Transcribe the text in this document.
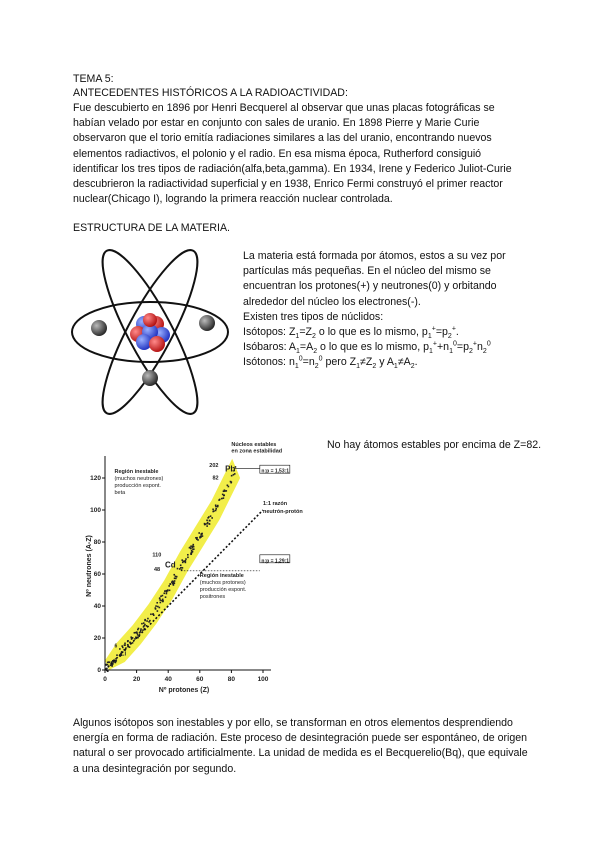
TEMA 5:
ANTECEDENTES HISTÓRICOS A LA RADIOACTIVIDAD:
Fue descubierto en 1896 por Henri Becquerel al observar que unas placas fotográficas se habían velado por estar en conjunto con sales de uranio. En 1898 Pierre y Marie Curie observaron que el torio emitía radiaciones similares a las del uranio, encontrando nuevos elementos radiactivos, el polonio y el radio. En esa misma época, Rutherford consiguió identificar los tres tipos de radiación(alfa,beta,gamma). En 1934, Irene y Federico Juliot-Curie descubrieron la radiactividad superficial y en 1938, Enrico Fermi construyó el primer reactor nuclear(Chicago I), logrando la primera reacción nuclear controlada.
ESTRUCTURA DE LA MATERIA.
La materia está formada por átomos, estos a su vez por partículas más pequeñas. En el núcleo del mismo se encuentran los protones(+) y neutrones(0) y orbitando alrededor del núcleo los electrones(-).
Existen tres tipos de núclidos:
Isótopos: $Z_1=Z_2$ o lo que es lo mismo, $p_1^+=p_2^+$.
Isóbaros: $A_1=A_2$ o lo que es lo mismo, $p_1^++n_1^0=p_2^+n_2^0$
Isótonos: $n_1^0=n_2^0$ pero $Z_1\ne Z_2$ y $A_1\ne A_2$.
No hay átomos estables por encima de Z=82.
Algunos isótopos son inestables y por ello, se transforman en otros elementos desprendiendo energía en forma de radiación. Este proceso de desintegración puede ser espontáneo, de origen natural o ser provocado artificialmente. La unidad de medida es el Becquerelio(Bq), que equivale a una desintegración por segundo.
0	20	40	60	80	100
0
20
40
60
80
100
120
Nº protones (Z)
Nº neutrones (A-Z)
Núcleos estables
en zona estabilidad
Región inestable
(muchos neutrones)
producción espont.
beta
1:1 razón
neutrón-protón
Región inestable
(muchos protones)
producción espont.
positrones
n:p = 1,53:1
n:p = 1,29:1
202 Pb
82
110
Cd
48
6
Li
3
